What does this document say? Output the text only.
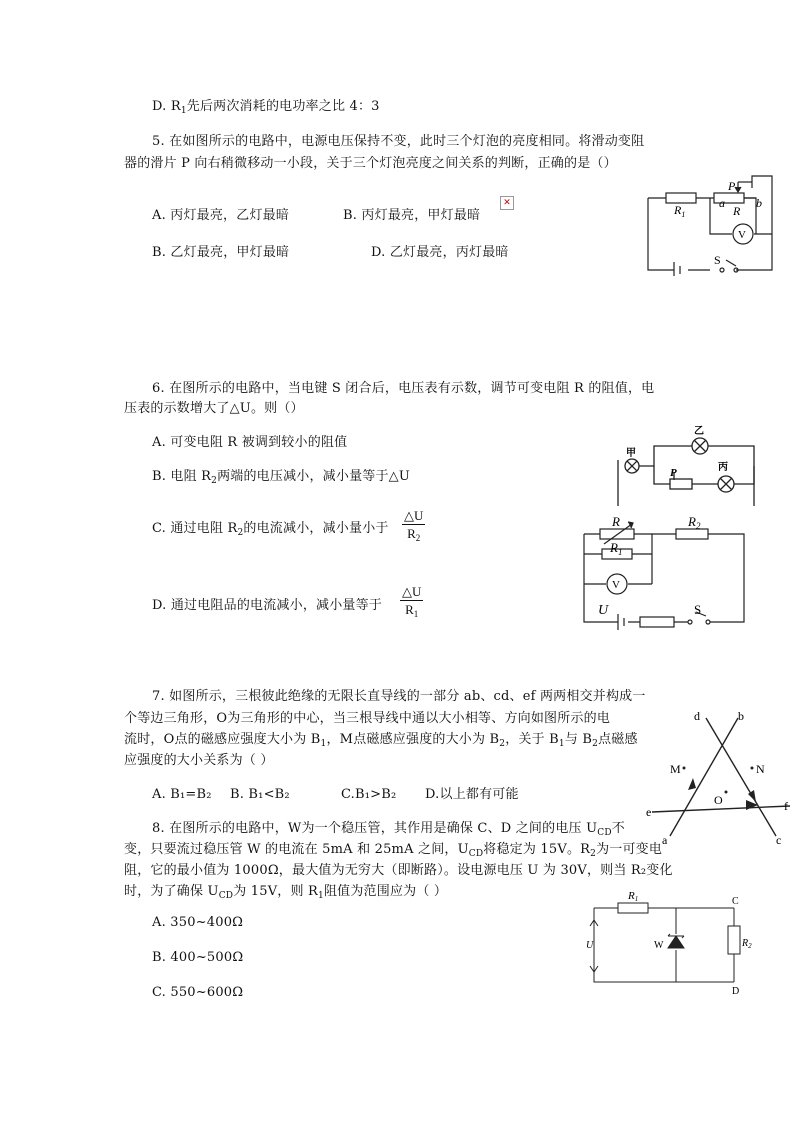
D. $R_1$先后两次消耗的电功率之比 4：3
5. 在如图所示的电路中，电源电压保持不变，此时三个灯泡的亮度相同。将滑动变阻
器的滑片 P 向右稍微移动一小段，关于三个灯泡亮度之间关系的判断，正确的是（）
A. 丙灯最亮，乙灯最暗	B. 丙灯最亮，甲灯最暗
✕
B. 乙灯最亮，甲灯最暗	D. 乙灯最亮，丙灯最暗
$R_1$
a
R
b
P
V
S
6. 在图所示的电路中，当电键 S 闭合后，电压表有示数，调节可变电阻 R 的阻值，电
压表的示数增大了△U。则（）
A. 可变电阻 R 被调到较小的阻值
B. 电阻 $R_2$两端的电压减小，减小量等于△U
C. 通过电阻 $R_2$的电流减小，减小量小于 $\frac{\triangle U}{R_2}$
D. 通过电阻品的电流减小，减小量等于 $\frac{\triangle U}{R_1}$
甲
乙
丙
P
R
$R_1$
$R_2$
V
U	S
7. 如图所示，三根彼此绝缘的无限长直导线的一部分 ab、cd、ef 两两相交并构成一
个等边三角形，O为三角形的中心，当三根导线中通以大小相等、方向如图所示的电
流时，O点的磁感应强度大小为 $B_1$，M点磁感应强度的大小为 $B_2$，关于 $B_1$与 $B_2$点磁感
应强度的大小关系为（ ）
A. B₁=B₂ B. B₁<B₂	C.B₁>B₂ D.以上都有可能
d	b
M	N
O
e	f
a	c
8. 在图所示的电路中，W为一个稳压管，其作用是确保 C、D 之间的电压 $U_{CD}$不
变，只要流过稳压管 W 的电流在 5mA 和 25mA 之间，$U_{CD}$将稳定为 15V。$R_2$为一可变电
阻，它的最小值为 1000Ω，最大值为无穷大（即断路）。设电源电压 U 为 30V，则当 R₂变化
时，为了确保 $U_{CD}$为 15V，则 $R_1$阻值为范围应为（ ）
A. 350~400Ω
B. 400~500Ω
C. 550~600Ω
R1	C
D
U	W	$R_2$
